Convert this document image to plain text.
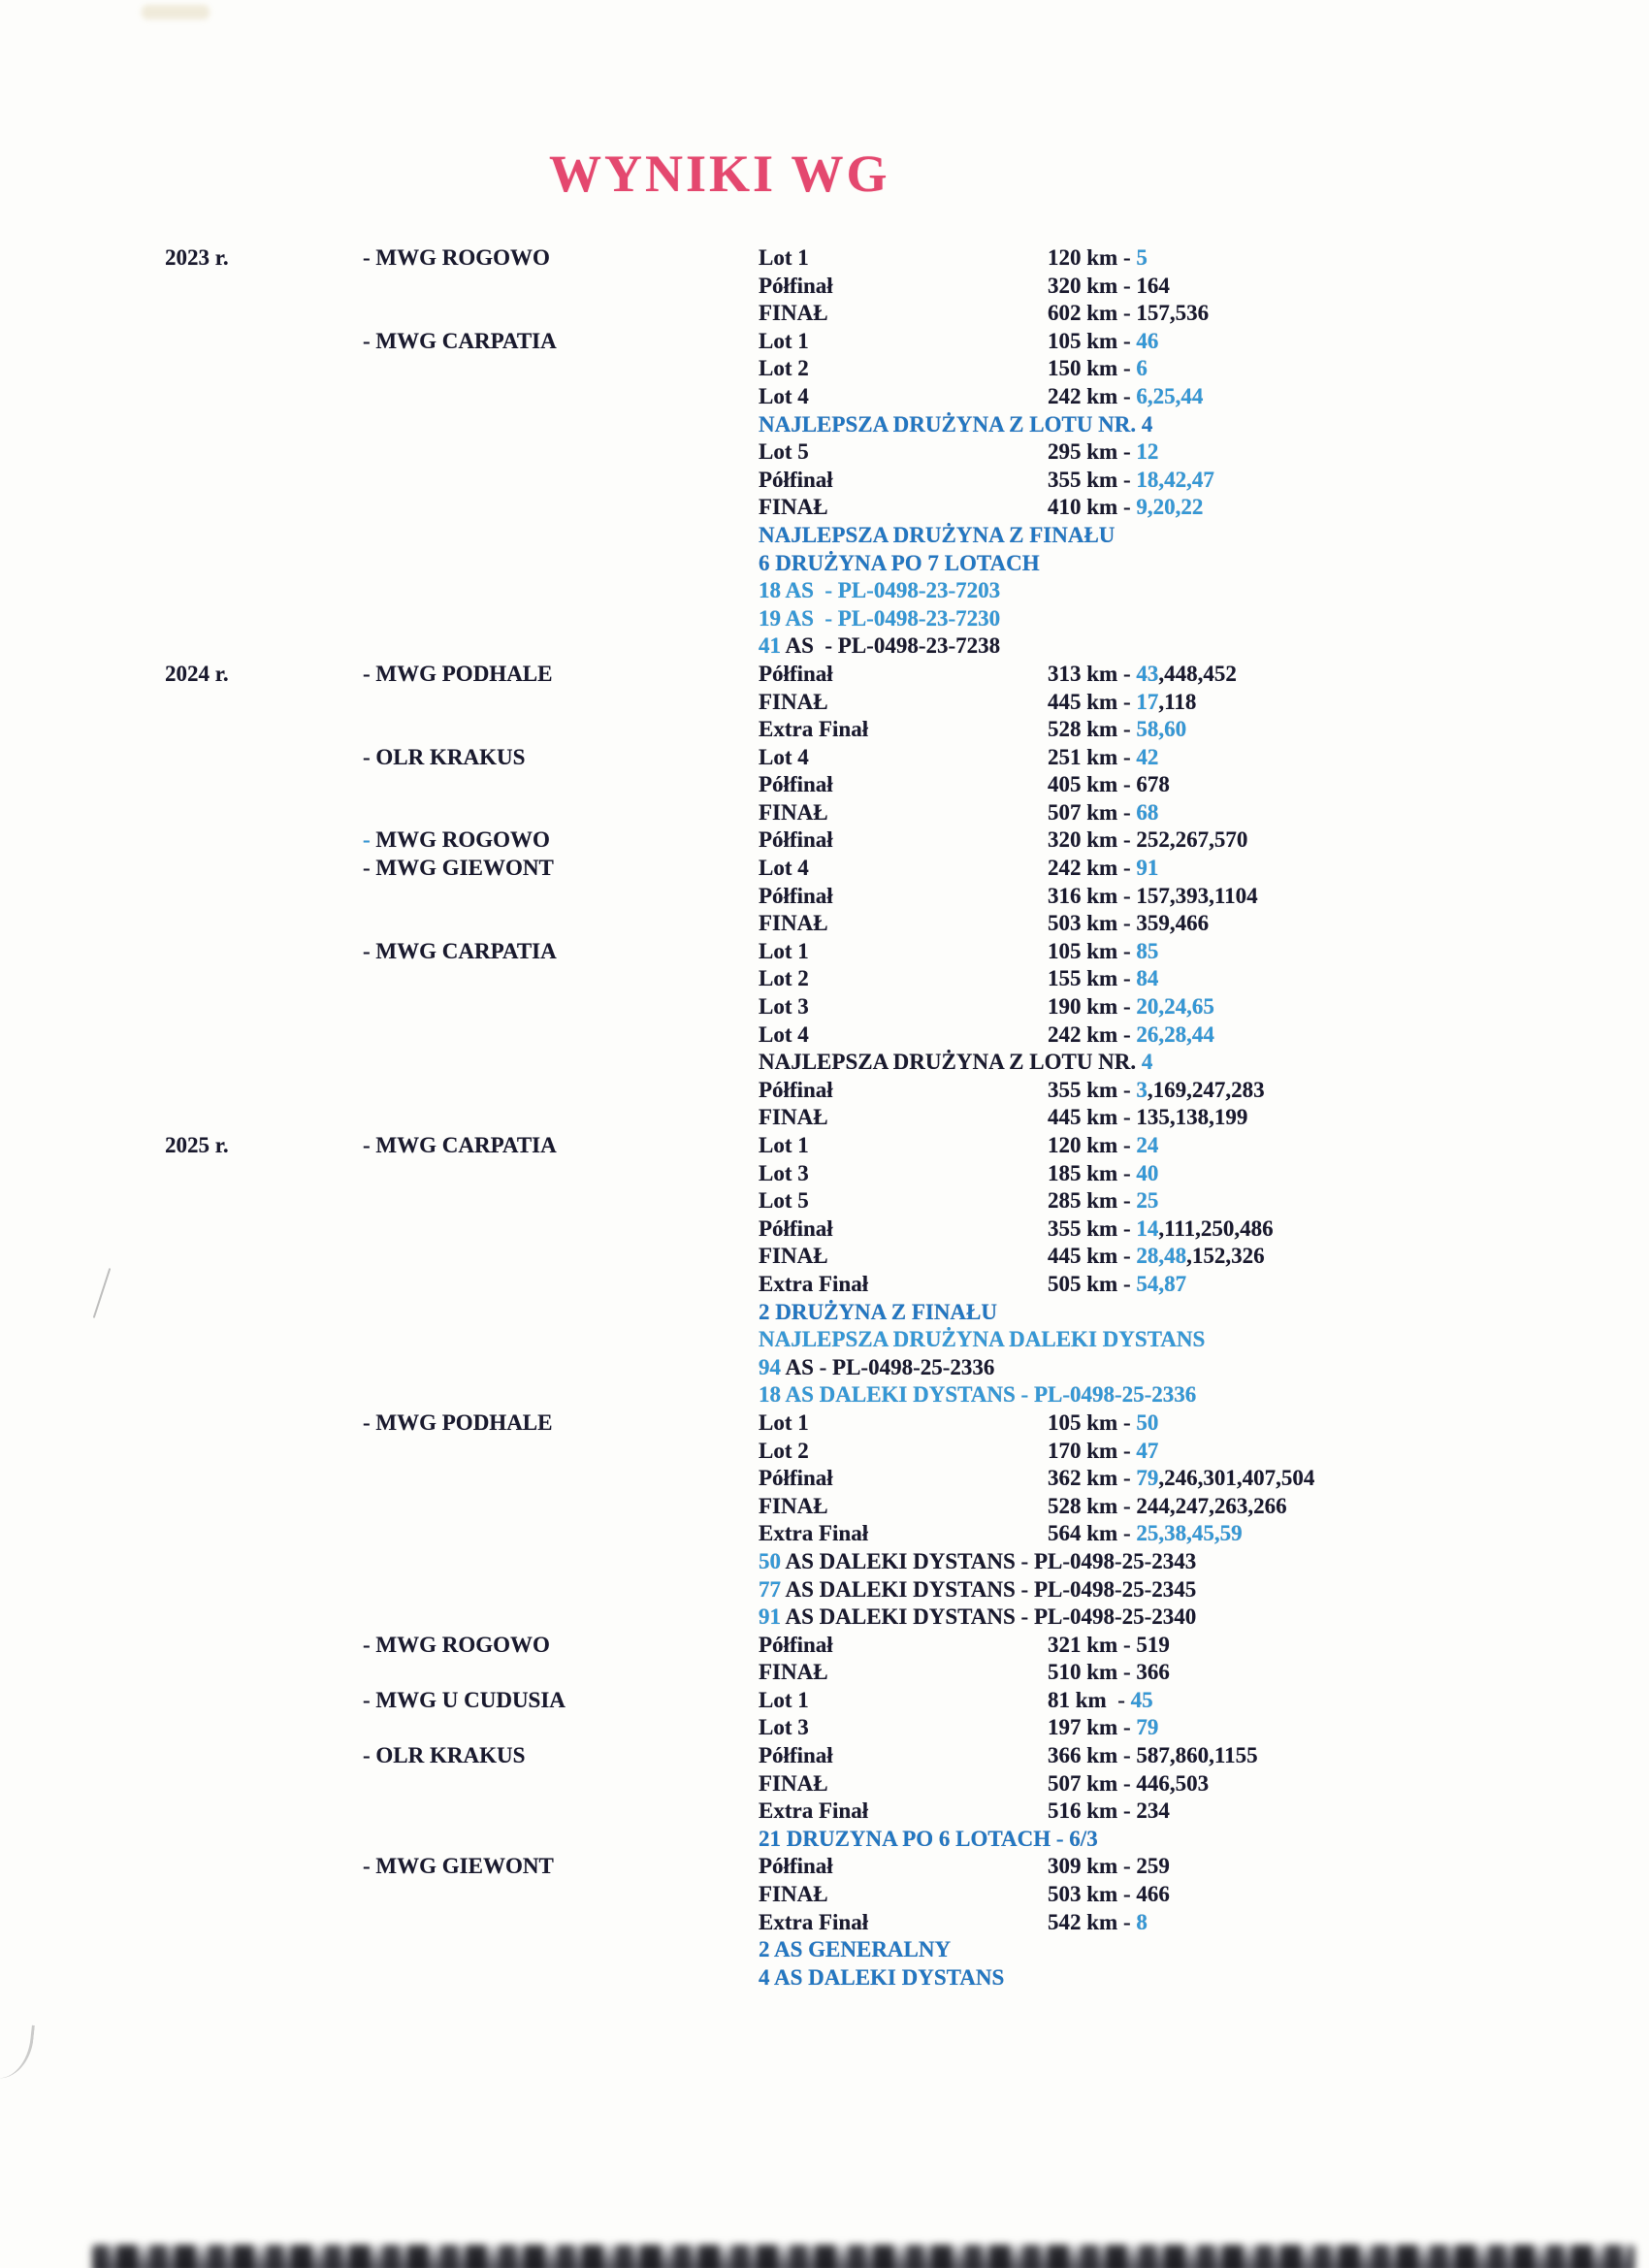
WYNIKI WG
2023 r.	- MWG ROGOWO	Lot 1	120 km - 5
Półfinał	320 km - 164
FINAŁ	602 km - 157,536
- MWG CARPATIA	Lot 1	105 km - 46
Lot 2	150 km - 6
Lot 4	242 km - 6,25,44
NAJLEPSZA DRUŻYNA Z LOTU NR. 4
Lot 5	295 km - 12
Półfinał	355 km - 18,42,47
FINAŁ	410 km - 9,20,22
NAJLEPSZA DRUŻYNA Z FINAŁU
6 DRUŻYNA PO 7 LOTACH
18 AS  - PL-0498-23-7203
19 AS  - PL-0498-23-7230
41 AS  - PL-0498-23-7238
2024 r.	- MWG PODHALE	Półfinał	313 km - 43,448,452
FINAŁ	445 km - 17,118
Extra Finał	528 km - 58,60
- OLR KRAKUS	Lot 4	251 km - 42
Półfinał	405 km - 678
FINAŁ	507 km - 68
- MWG ROGOWO	Półfinał	320 km - 252,267,570
- MWG GIEWONT	Lot 4	242 km - 91
Półfinał	316 km - 157,393,1104
FINAŁ	503 km - 359,466
- MWG CARPATIA	Lot 1	105 km - 85
Lot 2	155 km - 84
Lot 3	190 km - 20,24,65
Lot 4	242 km - 26,28,44
NAJLEPSZA DRUŻYNA Z LOTU NR. 4
Półfinał	355 km - 3,169,247,283
FINAŁ	445 km - 135,138,199
2025 r.	- MWG CARPATIA	Lot 1	120 km - 24
Lot 3	185 km - 40
Lot 5	285 km - 25
Półfinał	355 km - 14,111,250,486
FINAŁ	445 km - 28,48,152,326
Extra Finał	505 km - 54,87
2 DRUŻYNA Z FINAŁU
NAJLEPSZA DRUŻYNA DALEKI DYSTANS
94 AS - PL-0498-25-2336
18 AS DALEKI DYSTANS - PL-0498-25-2336
- MWG PODHALE	Lot 1	105 km - 50
Lot 2	170 km - 47
Półfinał	362 km - 79,246,301,407,504
FINAŁ	528 km - 244,247,263,266
Extra Finał	564 km - 25,38,45,59
50 AS DALEKI DYSTANS - PL-0498-25-2343
77 AS DALEKI DYSTANS - PL-0498-25-2345
91 AS DALEKI DYSTANS - PL-0498-25-2340
- MWG ROGOWO	Półfinał	321 km - 519
FINAŁ	510 km - 366
- MWG U CUDUSIA	Lot 1	81 km  - 45
Lot 3	197 km - 79
- OLR KRAKUS	Półfinał	366 km - 587,860,1155
FINAŁ	507 km - 446,503
Extra Finał	516 km - 234
21 DRUZYNA PO 6 LOTACH - 6/3
- MWG GIEWONT	Półfinał	309 km - 259
FINAŁ	503 km - 466
Extra Finał	542 km - 8
2 AS GENERALNY
4 AS DALEKI DYSTANS
